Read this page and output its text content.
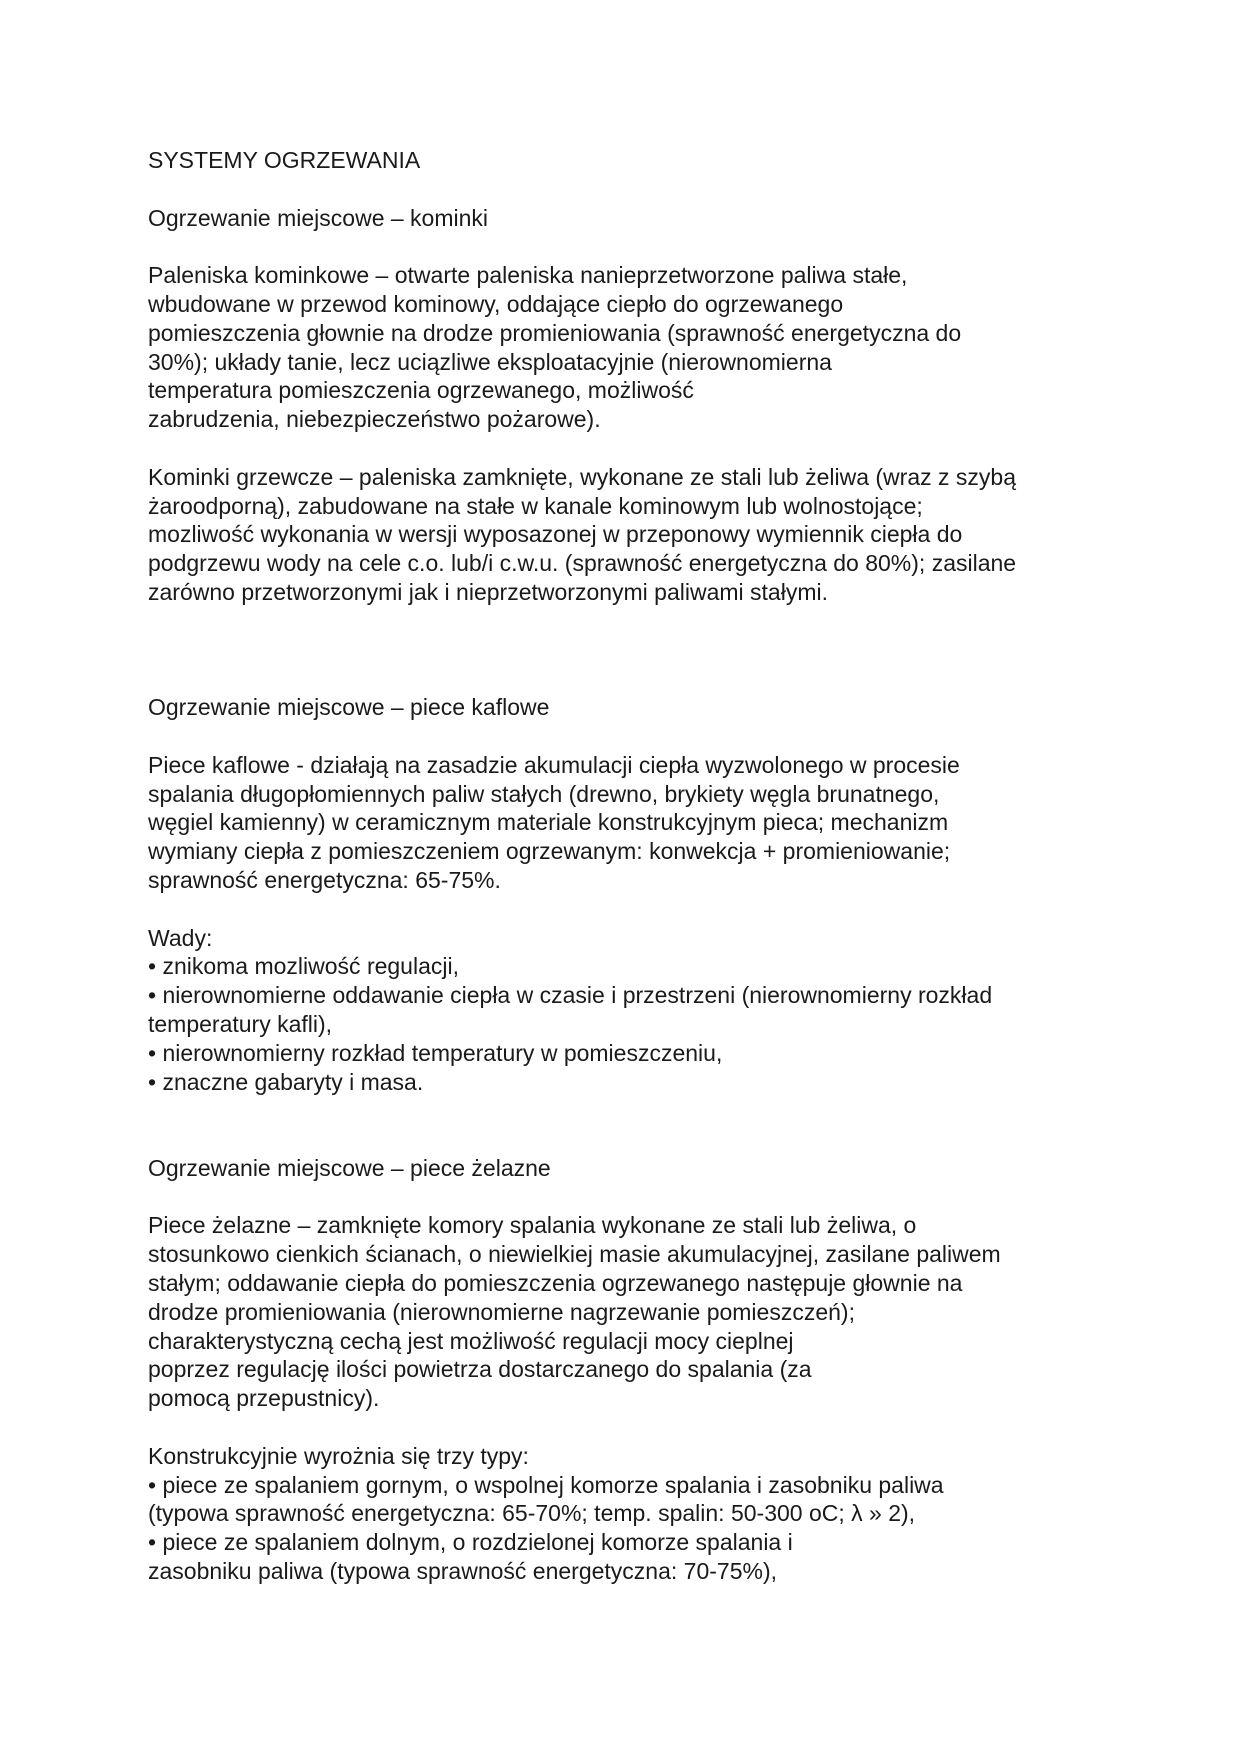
SYSTEMY OGRZEWANIA
Ogrzewanie miejscowe – kominki
Paleniska kominkowe – otwarte paleniska nanieprzetworzone paliwa stałe,
wbudowane w przewod kominowy, oddające ciepło do ogrzewanego
pomieszczenia głownie na drodze promieniowania (sprawność energetyczna do
30%); układy tanie, lecz uciązliwe eksploatacyjnie (nierownomierna
temperatura pomieszczenia ogrzewanego, możliwość
zabrudzenia, niebezpieczeństwo pożarowe).
Kominki grzewcze – paleniska zamknięte, wykonane ze stali lub żeliwa (wraz z szybą
żaroodporną), zabudowane na stałe w kanale kominowym lub wolnostojące;
mozliwość wykonania w wersji wyposazonej w przeponowy wymiennik ciepła do
podgrzewu wody na cele c.o. lub/i c.w.u. (sprawność energetyczna do 80%); zasilane
zarówno przetworzonymi jak i nieprzetworzonymi paliwami stałymi.
Ogrzewanie miejscowe – piece kaflowe
Piece kaflowe - działają na zasadzie akumulacji ciepła wyzwolonego w procesie
spalania długopłomiennych paliw stałych (drewno, brykiety węgla brunatnego,
węgiel kamienny) w ceramicznym materiale konstrukcyjnym pieca; mechanizm
wymiany ciepła z pomieszczeniem ogrzewanym: konwekcja + promieniowanie;
sprawność energetyczna: 65-75%.
Wady:
• znikoma mozliwość regulacji,
• nierownomierne oddawanie ciepła w czasie i przestrzeni (nierownomierny rozkład
temperatury kafli),
• nierownomierny rozkład temperatury w pomieszczeniu,
• znaczne gabaryty i masa.
Ogrzewanie miejscowe – piece żelazne
Piece żelazne – zamknięte komory spalania wykonane ze stali lub żeliwa, o
stosunkowo cienkich ścianach, o niewielkiej masie akumulacyjnej, zasilane paliwem
stałym; oddawanie ciepła do pomieszczenia ogrzewanego następuje głownie na
drodze promieniowania (nierownomierne nagrzewanie pomieszczeń);
charakterystyczną cechą jest możliwość regulacji mocy cieplnej
poprzez regulację ilości powietrza dostarczanego do spalania (za
pomocą przepustnicy).
Konstrukcyjnie wyrożnia się trzy typy:
• piece ze spalaniem gornym, o wspolnej komorze spalania i zasobniku paliwa
(typowa sprawność energetyczna: 65-70%; temp. spalin: 50-300 oC; λ » 2),
• piece ze spalaniem dolnym, o rozdzielonej komorze spalania i
zasobniku paliwa (typowa sprawność energetyczna: 70-75%),
